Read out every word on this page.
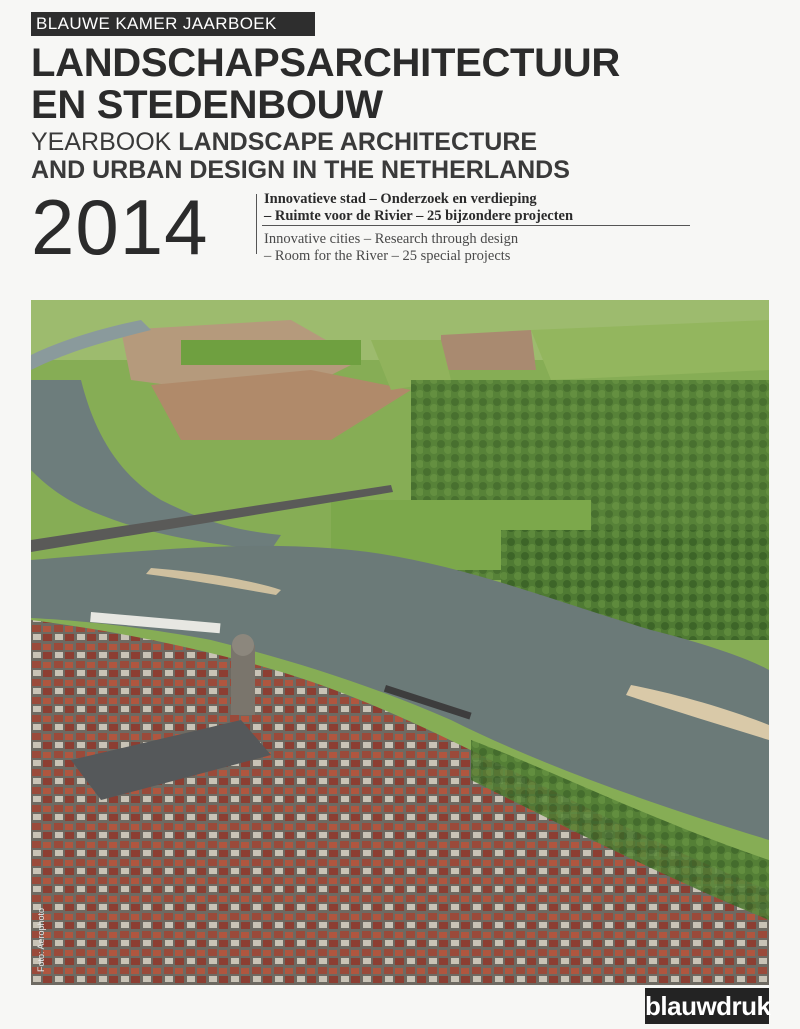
BLAUWE KAMER JAARBOEK
LANDSCHAPSARCHITECTUUR
EN STEDENBOUW
YEARBOOK LANDSCAPE ARCHITECTURE
AND URBAN DESIGN IN THE NETHERLANDS
2014	Innovatieve stad – Onderzoek en verdieping
– Ruimte voor de Rivier – 25 bijzondere projecten
Innovative cities – Research through design
– Room for the River – 25 special projects
Foto: Aerophoto
blauwdruk
